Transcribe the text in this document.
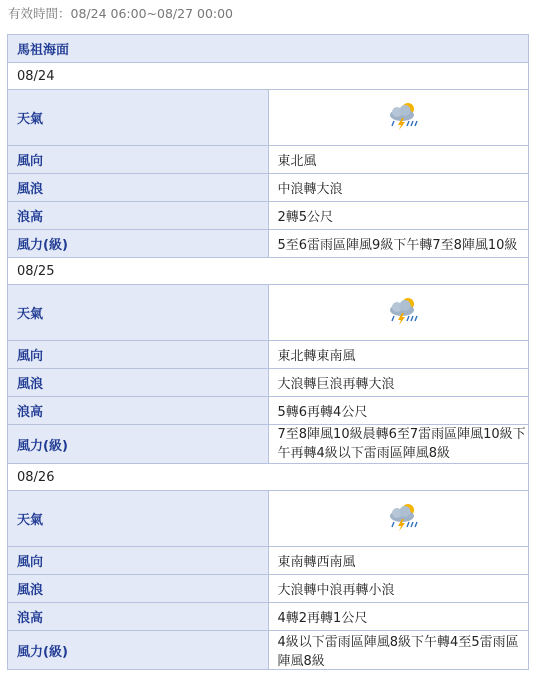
有效時間：08/24 06:00~08/27 00:00
馬祖海面	
08/24	
天氣	
風向	東北風
風浪	中浪轉大浪
浪高	2轉5公尺
風力(級)	5至6雷雨區陣風9級下午轉7至8陣風10級
08/25	
天氣	
風向	東北轉東南風
風浪	大浪轉巨浪再轉大浪
浪高	5轉6再轉4公尺
風力(級)	7至8陣風10級晨轉6至7雷雨區陣風10級下午再轉4級以下雷雨區陣風8級
08/26	
天氣	
風向	東南轉西南風
風浪	大浪轉中浪再轉小浪
浪高	4轉2再轉1公尺
風力(級)	4級以下雷雨區陣風8級下午轉4至5雷雨區陣風8級
